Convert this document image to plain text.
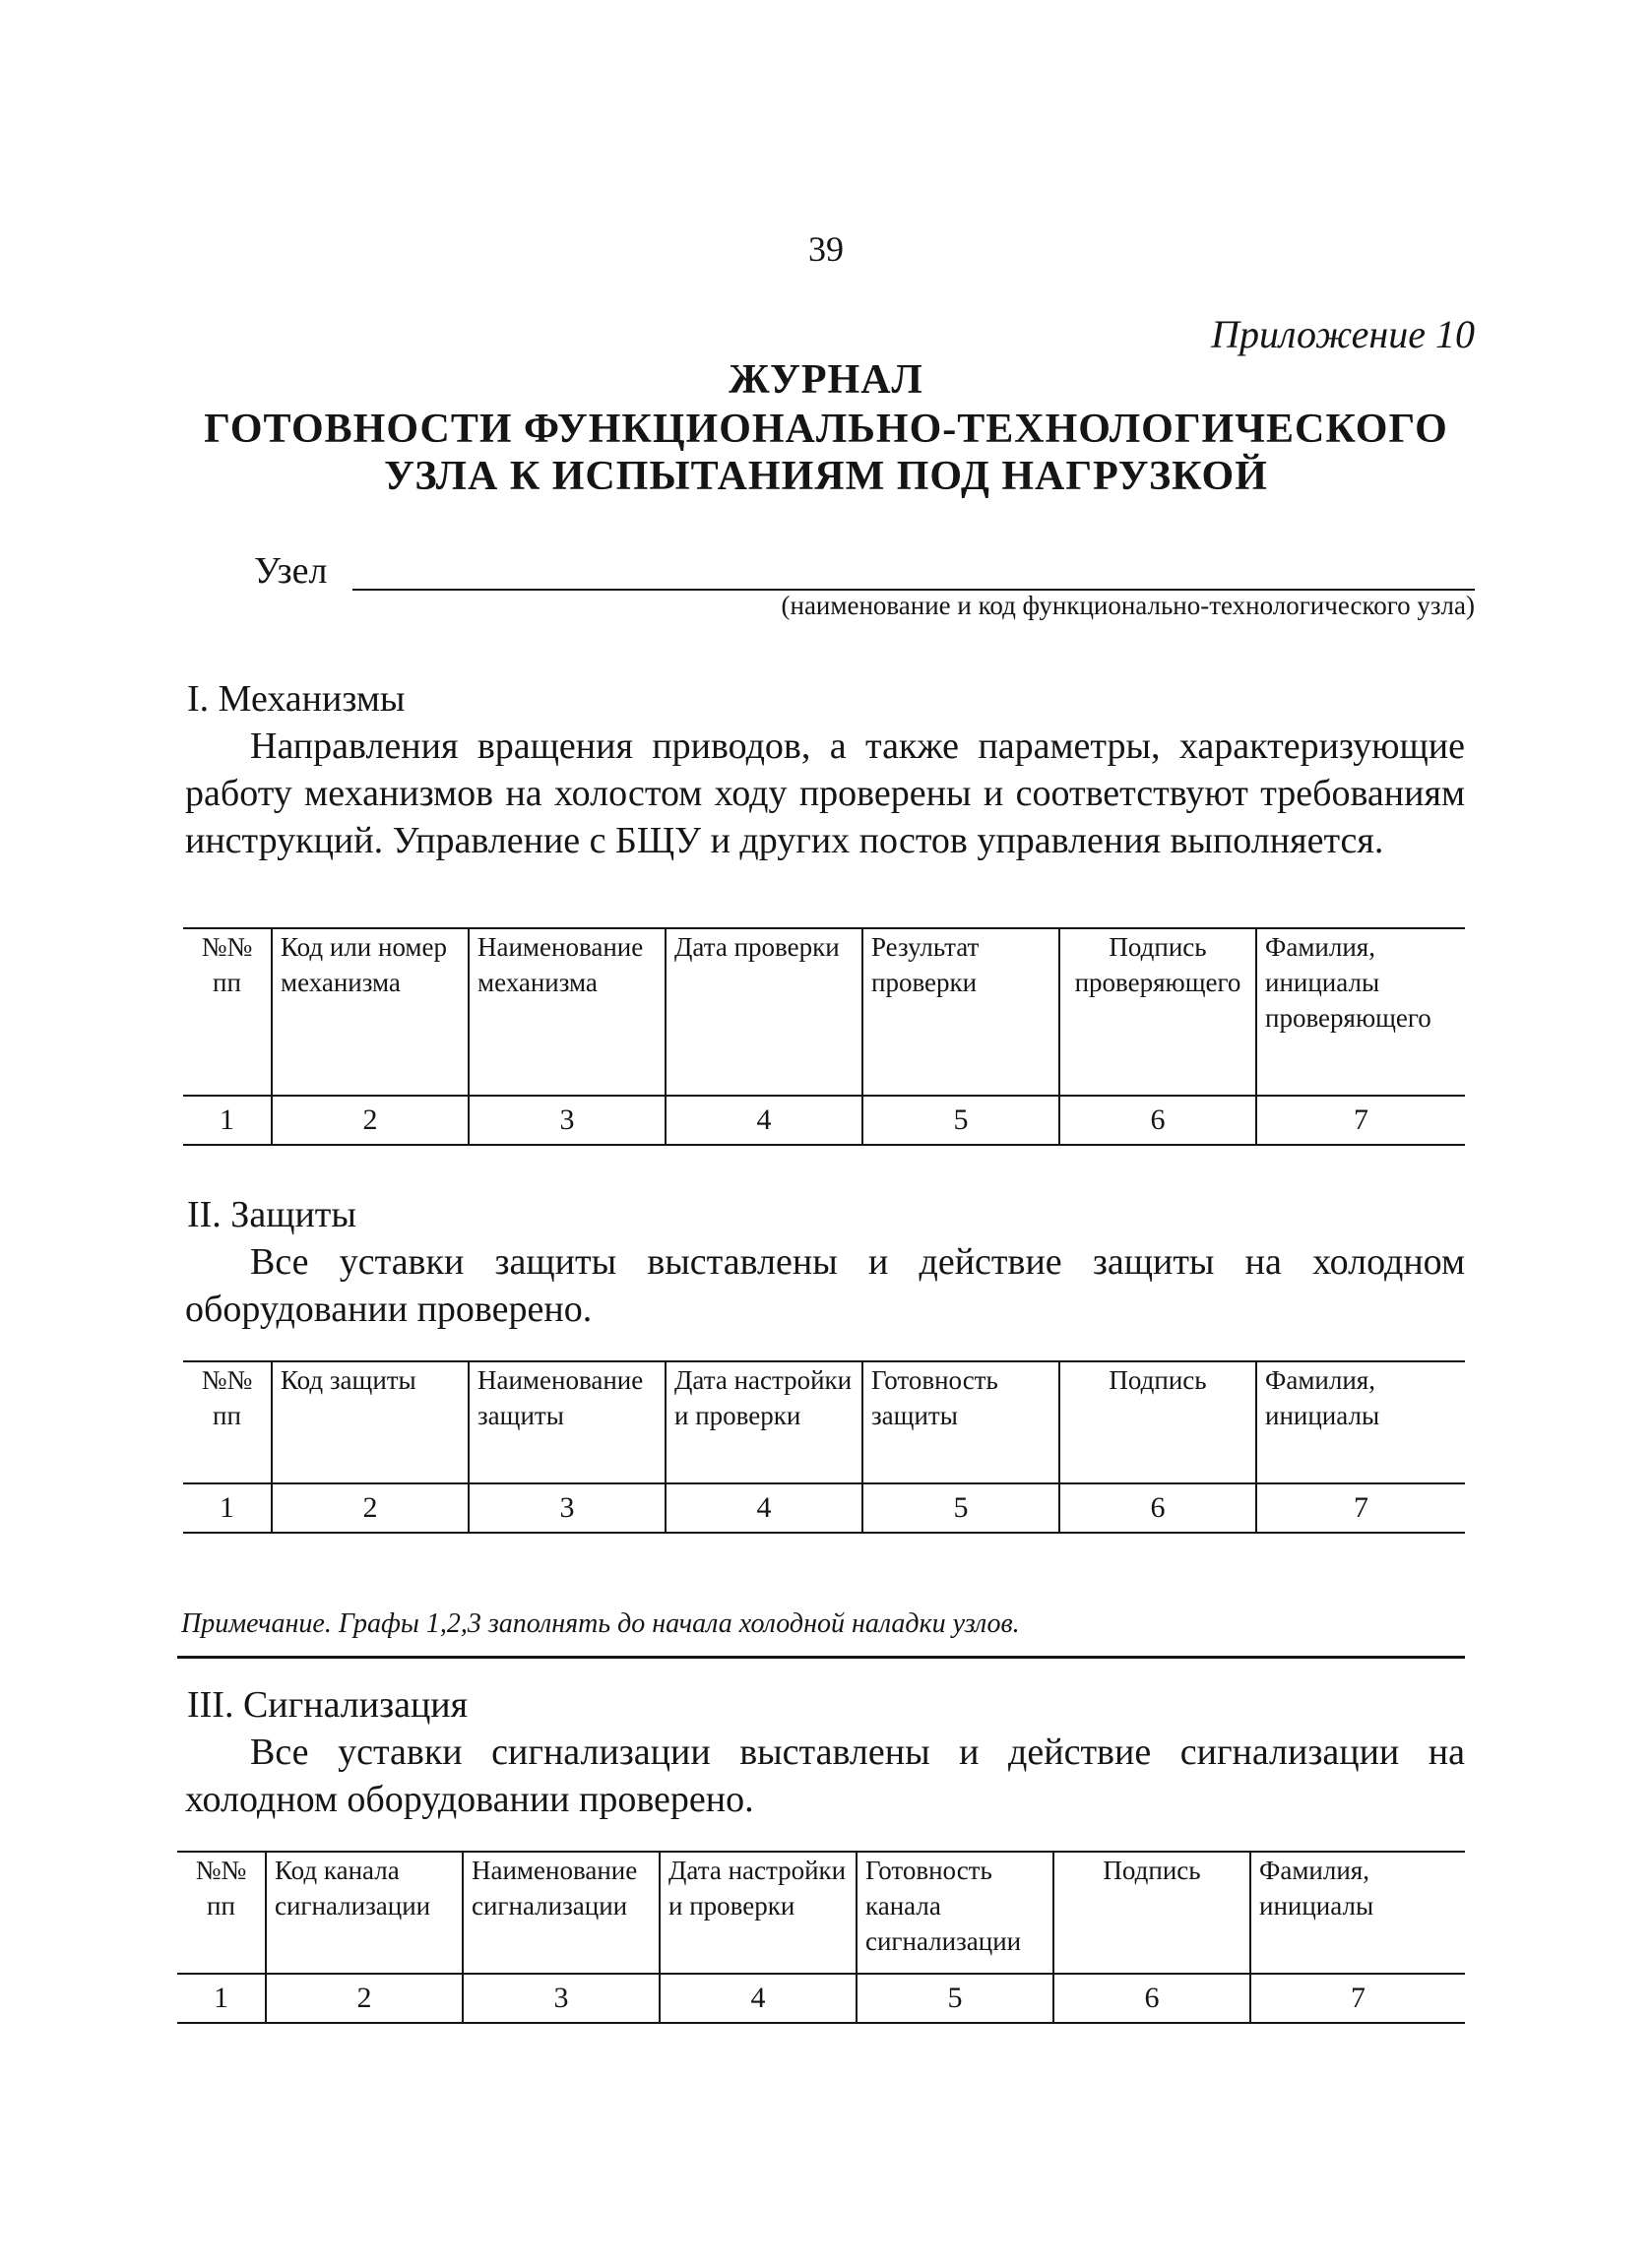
39
Приложение 10
ЖУРНАЛ
ГОТОВНОСТИ ФУНКЦИОНАЛЬНО-ТЕХНОЛОГИЧЕСКОГО
УЗЛА К ИСПЫТАНИЯМ ПОД НАГРУЗКОЙ
Узел
(наименование и код функционально-технологического узла)
I. Механизмы
Направления вращения приводов, а также параметры, характеризующие работу механизмов на холостом ходу проверены и соответствуют требованиям инструкций. Управление с БЩУ и других постов управления выполняется.
№№ пп	Код или номер механизма	Наименование механизма	Дата проверки	Результат проверки	Подпись проверяющего	Фамилия, инициалы проверяющего
1	2	3	4	5	6	7
II. Защиты
Все уставки защиты выставлены и действие защиты на холодном оборудовании проверено.
№№ пп	Код защиты	Наименование защиты	Дата настройки и проверки	Готовность защиты	Подпись	Фамилия, инициалы
1	2	3	4	5	6	7
Примечание. Графы 1,2,3 заполнять до начала холодной наладки узлов.
III. Сигнализация
Все уставки сигнализации выставлены и действие сигнализации на холодном оборудовании проверено.
№№ пп	Код канала сигнализации	Наименование сигнализации	Дата настройки и проверки	Готовность канала сигнализации	Подпись	Фамилия, инициалы
1	2	3	4	5	6	7
